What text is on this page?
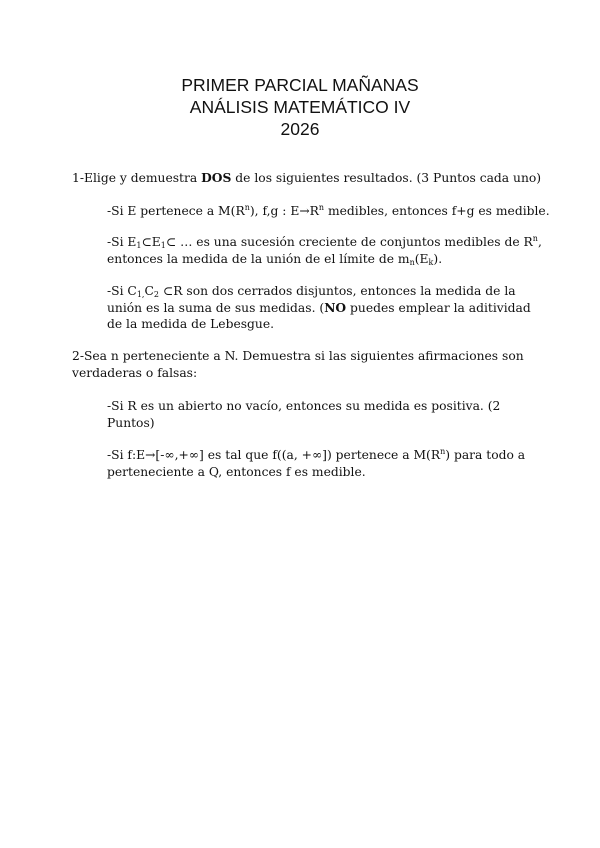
PRIMER PARCIAL MAÑANAS
ANÁLISIS MATEMÁTICO IV
2026
1-Elige y demuestra DOS de los siguientes resultados. (3 Puntos cada uno)
-Si E pertenece a $M(R^n)$, f,g : $E\to R^n$ medibles, entonces f+g es medible.
-Si $E_1\subset E_1\subset$ … es una sucesión creciente de conjuntos medibles de $R^n$,
entonces la medida de la unión de el límite de $m_n(E_k)$.
-Si $C_{1,}C_2$ ⊂R son dos cerrados disjuntos, entonces la medida de la
unión es la suma de sus medidas. (NO puedes emplear la aditividad
de la medida de Lebesgue.
2-Sea n perteneciente a N. Demuestra si las siguientes afirmaciones son
verdaderas o falsas:
-Si R es un abierto no vacío, entonces su medida es positiva. (2
Puntos)
-Si f:E→[-∞,+∞] es tal que f((a, +∞]) pertenece a $M(R^n)$ para todo a
perteneciente a Q, entonces f es medible.
